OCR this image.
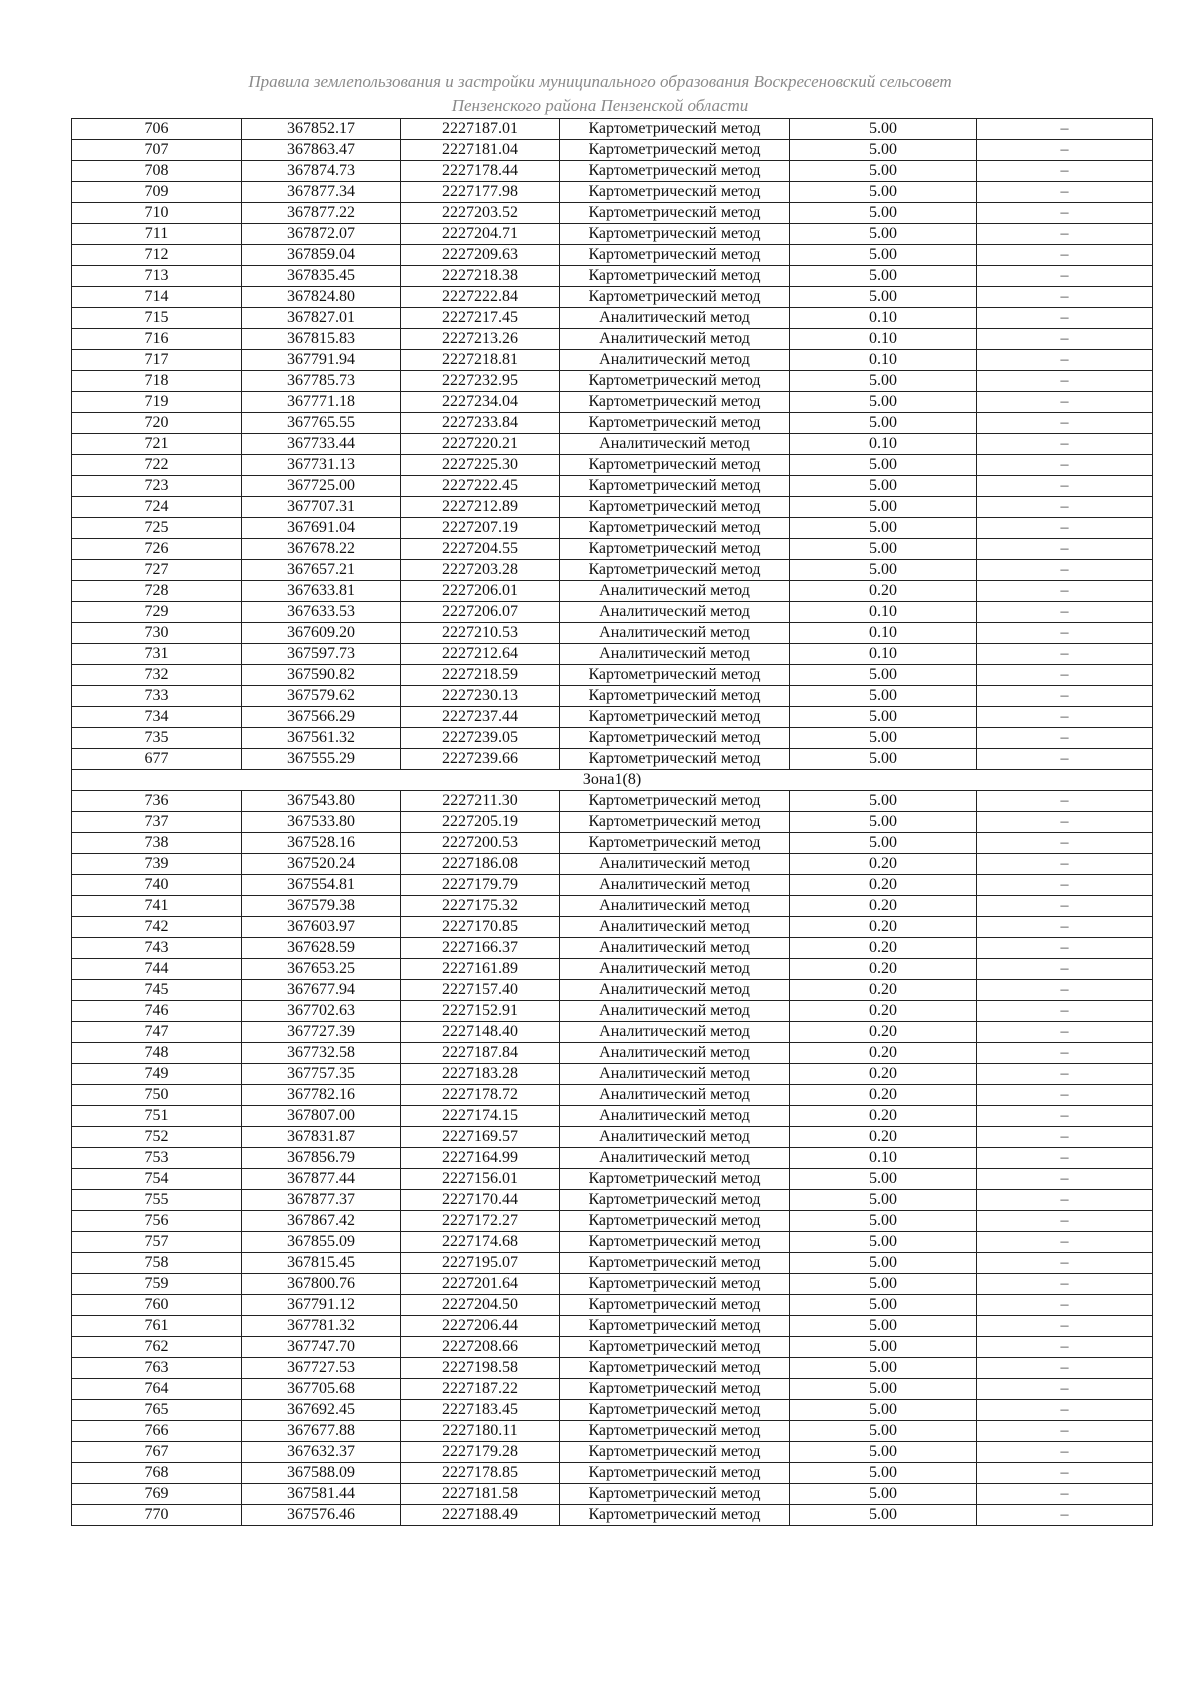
Правила землепользования и застройки муниципального образования Воскресеновский сельсовет
Пензенского района Пензенской области
706	367852.17	2227187.01	Картометрический метод	5.00	–
707	367863.47	2227181.04	Картометрический метод	5.00	–
708	367874.73	2227178.44	Картометрический метод	5.00	–
709	367877.34	2227177.98	Картометрический метод	5.00	–
710	367877.22	2227203.52	Картометрический метод	5.00	–
711	367872.07	2227204.71	Картометрический метод	5.00	–
712	367859.04	2227209.63	Картометрический метод	5.00	–
713	367835.45	2227218.38	Картометрический метод	5.00	–
714	367824.80	2227222.84	Картометрический метод	5.00	–
715	367827.01	2227217.45	Аналитический метод	0.10	–
716	367815.83	2227213.26	Аналитический метод	0.10	–
717	367791.94	2227218.81	Аналитический метод	0.10	–
718	367785.73	2227232.95	Картометрический метод	5.00	–
719	367771.18	2227234.04	Картометрический метод	5.00	–
720	367765.55	2227233.84	Картометрический метод	5.00	–
721	367733.44	2227220.21	Аналитический метод	0.10	–
722	367731.13	2227225.30	Картометрический метод	5.00	–
723	367725.00	2227222.45	Картометрический метод	5.00	–
724	367707.31	2227212.89	Картометрический метод	5.00	–
725	367691.04	2227207.19	Картометрический метод	5.00	–
726	367678.22	2227204.55	Картометрический метод	5.00	–
727	367657.21	2227203.28	Картометрический метод	5.00	–
728	367633.81	2227206.01	Аналитический метод	0.20	–
729	367633.53	2227206.07	Аналитический метод	0.10	–
730	367609.20	2227210.53	Аналитический метод	0.10	–
731	367597.73	2227212.64	Аналитический метод	0.10	–
732	367590.82	2227218.59	Картометрический метод	5.00	–
733	367579.62	2227230.13	Картометрический метод	5.00	–
734	367566.29	2227237.44	Картометрический метод	5.00	–
735	367561.32	2227239.05	Картометрический метод	5.00	–
677	367555.29	2227239.66	Картометрический метод	5.00	–
Зона1(8)					
736	367543.80	2227211.30	Картометрический метод	5.00	–
737	367533.80	2227205.19	Картометрический метод	5.00	–
738	367528.16	2227200.53	Картометрический метод	5.00	–
739	367520.24	2227186.08	Аналитический метод	0.20	–
740	367554.81	2227179.79	Аналитический метод	0.20	–
741	367579.38	2227175.32	Аналитический метод	0.20	–
742	367603.97	2227170.85	Аналитический метод	0.20	–
743	367628.59	2227166.37	Аналитический метод	0.20	–
744	367653.25	2227161.89	Аналитический метод	0.20	–
745	367677.94	2227157.40	Аналитический метод	0.20	–
746	367702.63	2227152.91	Аналитический метод	0.20	–
747	367727.39	2227148.40	Аналитический метод	0.20	–
748	367732.58	2227187.84	Аналитический метод	0.20	–
749	367757.35	2227183.28	Аналитический метод	0.20	–
750	367782.16	2227178.72	Аналитический метод	0.20	–
751	367807.00	2227174.15	Аналитический метод	0.20	–
752	367831.87	2227169.57	Аналитический метод	0.20	–
753	367856.79	2227164.99	Аналитический метод	0.10	–
754	367877.44	2227156.01	Картометрический метод	5.00	–
755	367877.37	2227170.44	Картометрический метод	5.00	–
756	367867.42	2227172.27	Картометрический метод	5.00	–
757	367855.09	2227174.68	Картометрический метод	5.00	–
758	367815.45	2227195.07	Картометрический метод	5.00	–
759	367800.76	2227201.64	Картометрический метод	5.00	–
760	367791.12	2227204.50	Картометрический метод	5.00	–
761	367781.32	2227206.44	Картометрический метод	5.00	–
762	367747.70	2227208.66	Картометрический метод	5.00	–
763	367727.53	2227198.58	Картометрический метод	5.00	–
764	367705.68	2227187.22	Картометрический метод	5.00	–
765	367692.45	2227183.45	Картометрический метод	5.00	–
766	367677.88	2227180.11	Картометрический метод	5.00	–
767	367632.37	2227179.28	Картометрический метод	5.00	–
768	367588.09	2227178.85	Картометрический метод	5.00	–
769	367581.44	2227181.58	Картометрический метод	5.00	–
770	367576.46	2227188.49	Картометрический метод	5.00	–
